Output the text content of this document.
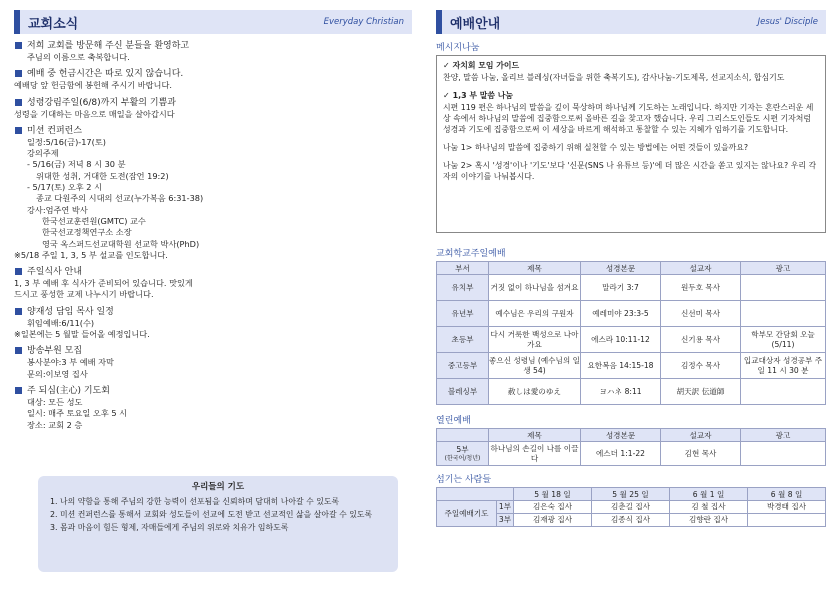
교회소식	Everyday Christian	예배안내	Jesus' Disciple
저희 교회를 방문해 주신 분들을 환영하고
주님의 이름으로 축복합니다.
예배 중 헌금시간은 따로 있지 않습니다.
예배당 앞 헌금함에 봉헌해 주시기 바랍니다.
성령강림주일(6/8)까지 부활의 기쁨과
성령을 기대하는 마음으로 매일을 살아갑시다
미션 컨퍼런스
일정:5/16(금)-17(토)
강의주제
- 5/16(금) 저녁 8 시 30 분
위대한 성취, 거대한 도전(잠언 19:2)
- 5/17(토) 오후 2 시
종교 다원주의 시대의 선교(누가복음 6:31-38)
강사:엄주연 박사
한국선교훈련원(GMTC) 교수
한국선교정책연구소 소장
영국 옥스퍼드선교대학원 선교학 박사(PhD)
※5/18 주일 1, 3, 5 부 설교를 인도합니다.
주일식사 안내
1, 3 부 예배 후 식사가 준비되어 있습니다. 맛있게
드시고 풍성한 교제 나누시기 바랍니다.
양재성 담임 목사 일정
휘임예배:6/11(수)
※일본에는 5 월말 들어올 예정입니다.
방송부원 모집
봉사분야:3 부 예배 자막
문의:이보영 집사
주 되심(主心) 기도회
대상: 모든 성도
일시: 매주 토요일 오후 5 시
장소: 교회 2 층
우리들의 기도
1. 나의 약함을 통해 주님의 강한 능력이 선포됨을 신뢰하며 담대히 나아갈 수 있도록
2. 미션 컨퍼런스를 통해서 교회와 성도들이 선교에 도전 받고 선교적인 삶을 살아갈 수 있도록
3. 몸과 마음이 힘든 형제, 자매들에게 주님의 위로와 치유가 임하도록
메시지나눔
✓ 자치회 모임 가이드

찬양, 말씀 나눔, 올리브 블레싱(자녀들을 위한 축복기도), 감사나눔-기도제목, 선교지소식, 합심기도

✓ 1,3 부 말씀 나눔

시편 119 편은 하나님의 말씀을 깊이 묵상하며 하나님께 기도하는 노래입니다. 하지만 기자는 혼란스러운 세상 속에서 하나님의 말씀에 집중함으로써 올바른 길을 찾고자 했습니다. 우리 그리스도인들도 시편 기자처럼 성경과 기도에 집중함으로써 이 세상을 바르게 해석하고 통찰할 수 있는 지혜가 임하기를 기도합니다.

나눔 1> 하나님의 말씀에 집중하기 위해 실천할 수 있는 방법에는 어떤 것들이 있을까요?

나눔 2> 혹시 '성경'이나 '기도'보다 '신문(SNS 나 유튜브 등)'에 더 많은 시간을 쏟고 있지는 않나요? 우리 각자의 이야기를 나눠봅시다.

교회학교주일예배
부서	제목	성경본문	설교자	광고
유치부	거짓 없이 하나님을 섬겨요	말라기 3:7	원두호 목사	
유년부	예수님은 우리의 구원자	예레미야 23:3-5	신선미 목사	
초등부	다시 거룩한 백성으로 나아가요	에스라 10:11-12	신기용 목사	학부모 간담회 오늘(5/11)
중고등부	좋으신 성령님 (예수님의 일생 54)	요한복음 14:15-18	김정수 목사	입교대상자 성경공부 주일 11 시 30 분
블레싱부	赦しは愛のゆえ	ヨハネ 8:11	胡天訳 伝道師	
열린예배
	제목	성경본문	설교자	광고

5부
(한국어/청년)	하나님의 손길이 나를 이끌다	에스더 1:1-22	김현 목사	
섬기는 사람들
		5 월 18 일	5 월 25 일	6 월 1 일	6 월 8 일
주일예배기도	1부	김은숙 집사	김춘길 집사	김 철 집사	박경태 집사
	3부	김재광 집사	김종식 집사	김향란 집사	
